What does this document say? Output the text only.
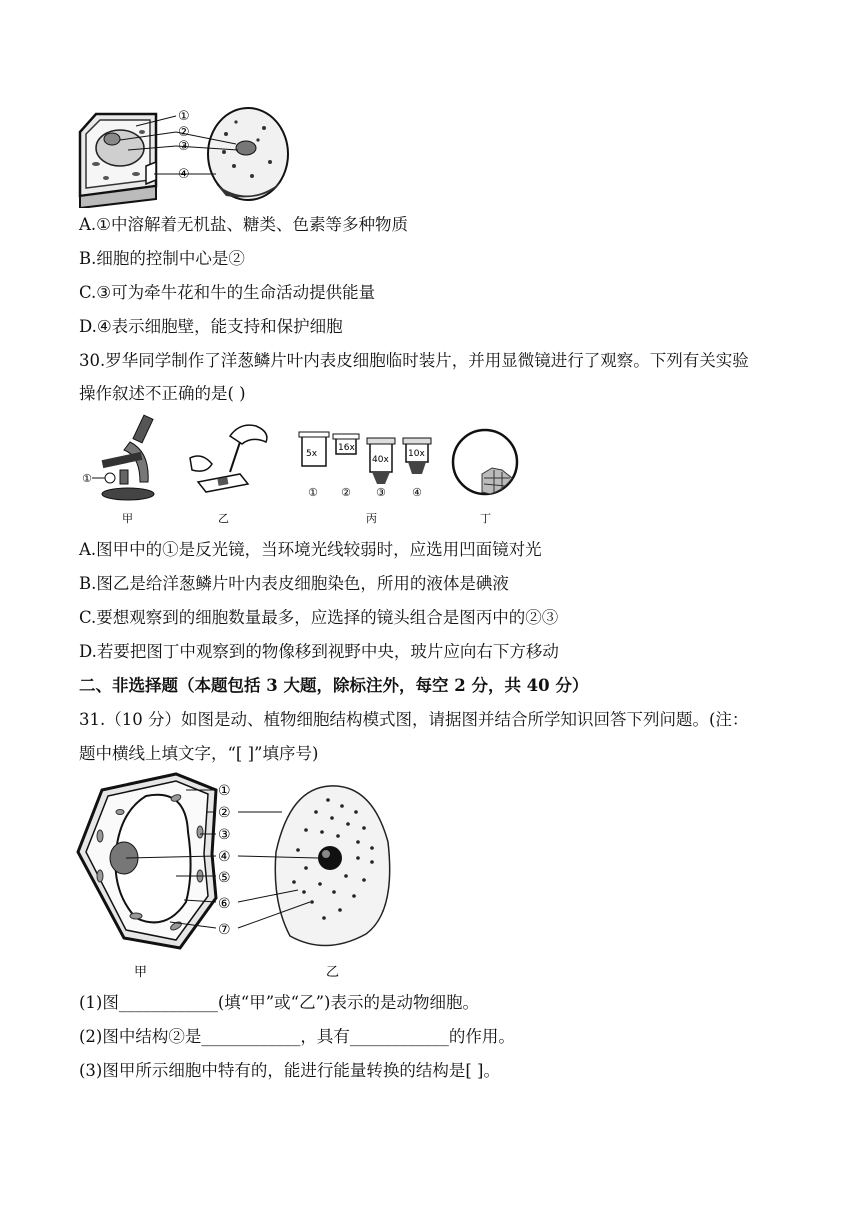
①
②
③
④
A.①中溶解着无机盐、糖类、色素等多种物质
B.细胞的控制中心是②
C.③可为牵牛花和牛的生命活动提供能量
D.④表示细胞壁，能支持和保护细胞
30.罗华同学制作了洋葱鳞片叶内表皮细胞临时装片，并用显微镜进行了观察。下列有关实验
操作叙述不正确的是( )
①
5x
16x
40x
10x
① ② ③ ④
甲	乙	丙	丁
A.图甲中的①是反光镜，当环境光线较弱时，应选用凹面镜对光
B.图乙是给洋葱鳞片叶内表皮细胞染色，所用的液体是碘液
C.要想观察到的细胞数量最多，应选择的镜头组合是图丙中的②③
D.若要把图丁中观察到的物像移到视野中央，玻片应向右下方移动
二、非选择题（本题包括 3 大题，除标注外，每空 2 分，共 40 分）
31.（10 分）如图是动、植物细胞结构模式图，请据图并结合所学知识回答下列问题。(注：
题中横线上填文字，“[ ]”填序号)
①
②
③
④
⑤
⑥
⑦
甲	乙
(1)图____________(填“甲”或“乙”)表示的是动物细胞。
(2)图中结构②是____________，具有____________的作用。
(3)图甲所示细胞中特有的，能进行能量转换的结构是[ ]。
